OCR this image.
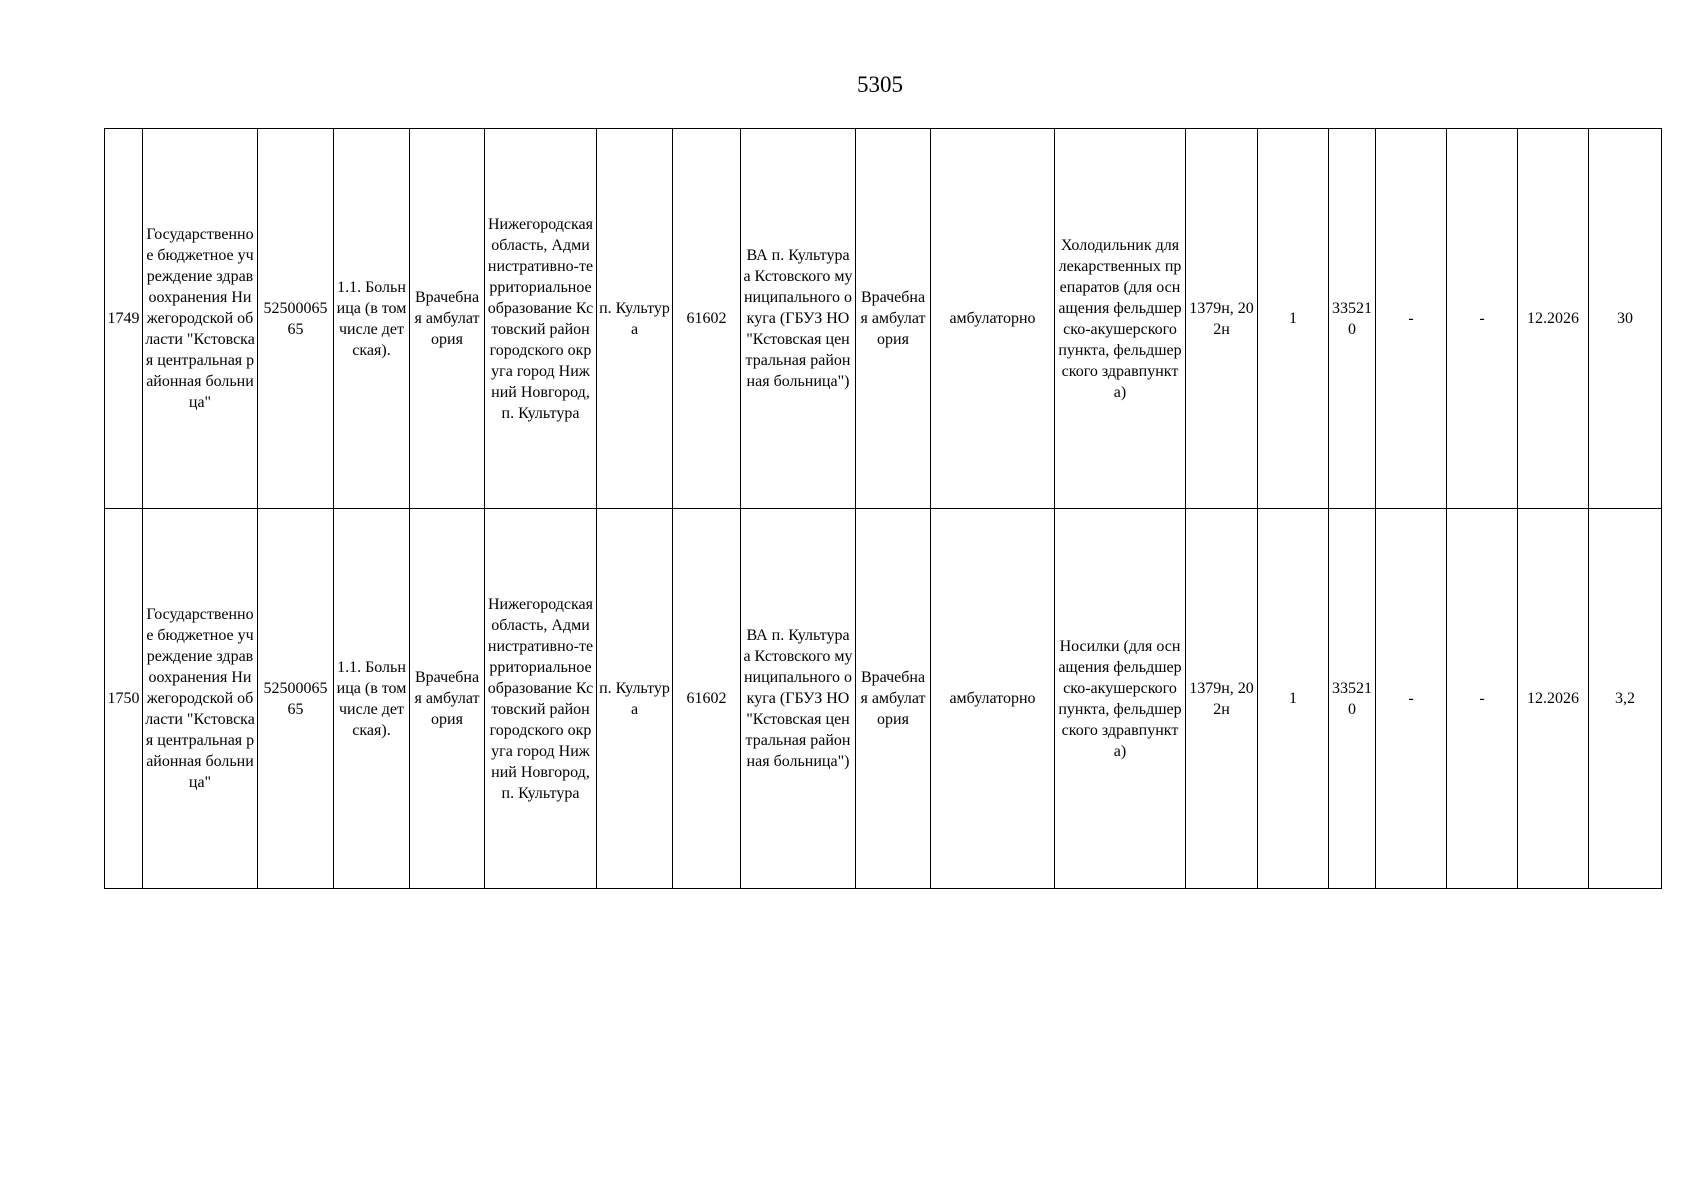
5305
1749	Государственное бюджетное учреждение здравоохранения Нижегородской области "Кстовская центральная районная больница"	5250006565	1.1. Больница (в том числе детская).	Врачебная амбулатория	Нижегородская область, Административно-территориальное образование Кстовский район городского округа город Нижний Новгород, п. Культура	п. Культура	61602	ВА п. Культураа Кстовского муниципального окуга (ГБУЗ НО "Кстовская центральная районная больница")	Врачебная амбулатория	амбулаторно	Холодильник для лекарственных препаратов (для оснащения фельдшерско-акушерского пункта, фельдшерского здравпункта)	1379н, 202н	1	335210	-	-	12.2026	30
1750	Государственное бюджетное учреждение здравоохранения Нижегородской области "Кстовская центральная районная больница"	5250006565	1.1. Больница (в том числе детская).	Врачебная амбулатория	Нижегородская область, Административно-территориальное образование Кстовский район городского округа город Нижний Новгород, п. Культура	п. Культура	61602	ВА п. Культураа Кстовского муниципального окуга (ГБУЗ НО "Кстовская центральная районная больница")	Врачебная амбулатория	амбулаторно	Носилки (для оснащения фельдшерско-акушерского пункта, фельдшерского здравпункта)	1379н, 202н	1	335210	-	-	12.2026	3,2
